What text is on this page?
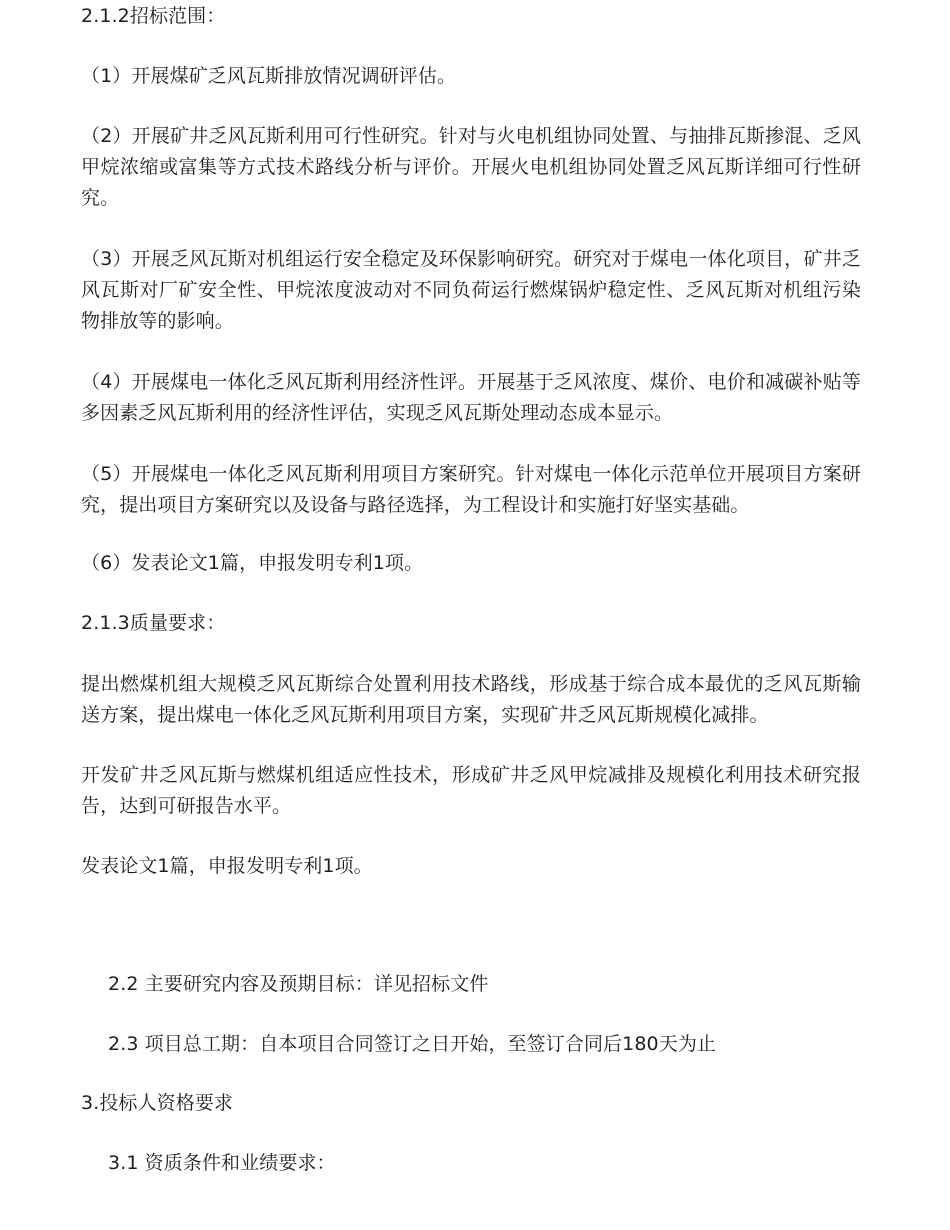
2.1.2招标范围：
（1）开展煤矿乏风瓦斯排放情况调研评估。
（2）开展矿井乏风瓦斯利用可行性研究。针对与火电机组协同处置、与抽排瓦斯掺混、乏风甲烷浓缩或富集等方式技术路线分析与评价。开展火电机组协同处置乏风瓦斯详细可行性研究。
（3）开展乏风瓦斯对机组运行安全稳定及环保影响研究。研究对于煤电一体化项目，矿井乏风瓦斯对厂矿安全性、甲烷浓度波动对不同负荷运行燃煤锅炉稳定性、乏风瓦斯对机组污染物排放等的影响。
（4）开展煤电一体化乏风瓦斯利用经济性评。开展基于乏风浓度、煤价、电价和减碳补贴等多因素乏风瓦斯利用的经济性评估，实现乏风瓦斯处理动态成本显示。
（5）开展煤电一体化乏风瓦斯利用项目方案研究。针对煤电一体化示范单位开展项目方案研究，提出项目方案研究以及设备与路径选择，为工程设计和实施打好坚实基础。
（6）发表论文1篇，申报发明专利1项。
2.1.3质量要求：
提出燃煤机组大规模乏风瓦斯综合处置利用技术路线，形成基于综合成本最优的乏风瓦斯输送方案，提出煤电一体化乏风瓦斯利用项目方案，实现矿井乏风瓦斯规模化减排。
开发矿井乏风瓦斯与燃煤机组适应性技术，形成矿井乏风甲烷减排及规模化利用技术研究报告，达到可研报告水平。
发表论文1篇，申报发明专利1项。
2.2 主要研究内容及预期目标：详见招标文件
2.3 项目总工期：自本项目合同签订之日开始，至签订合同后180天为止
3.投标人资格要求
3.1 资质条件和业绩要求：
